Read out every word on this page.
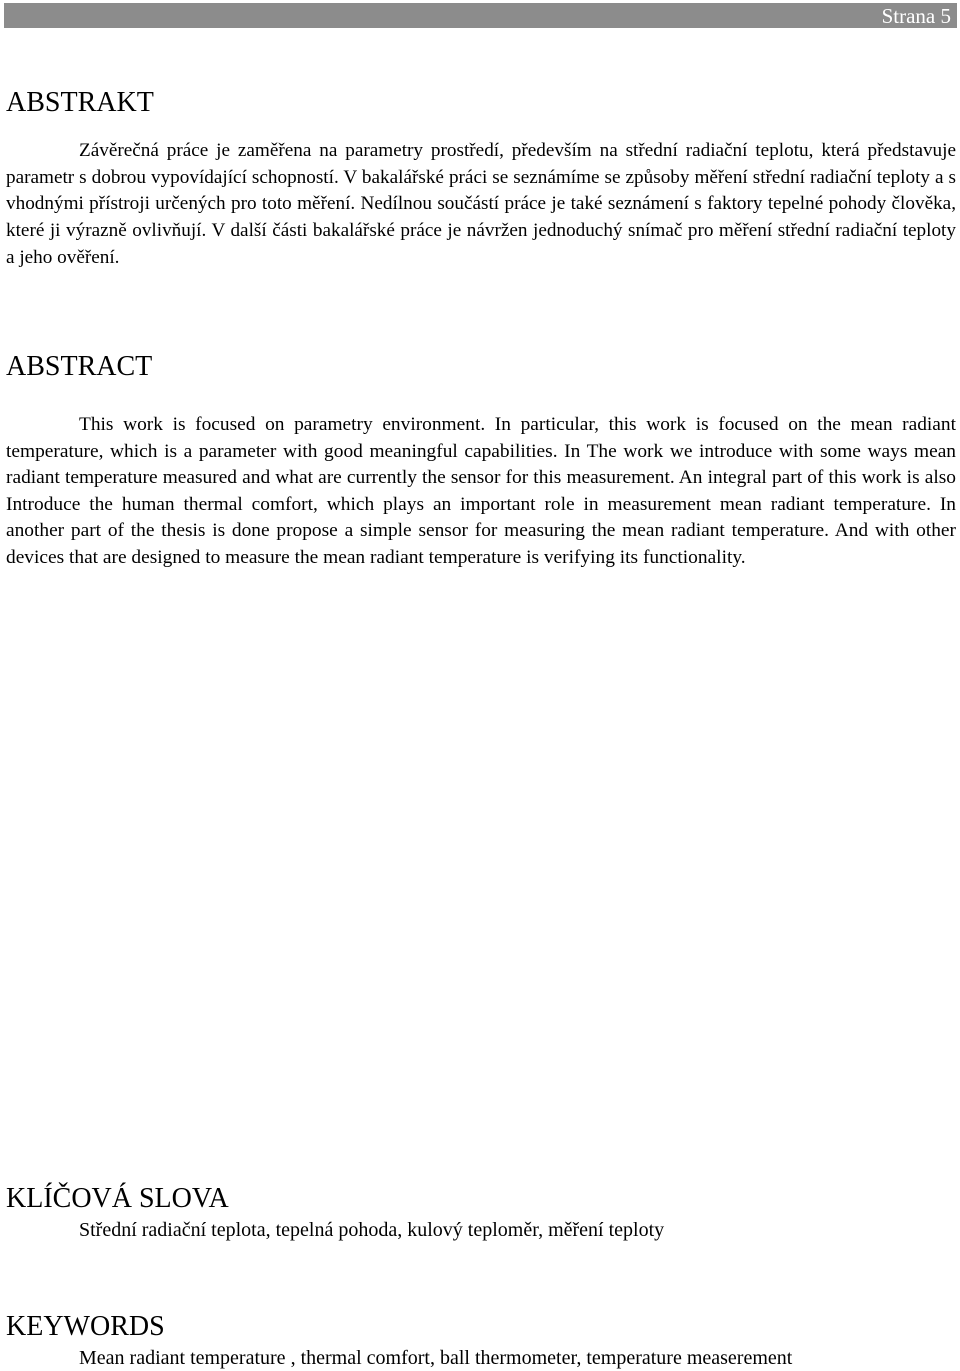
Strana 5
ABSTRAKT

Závěrečná práce je zaměřena na parametry prostředí, především na střední radiační teplotu, která představuje parametr s dobrou vypovídající schopností. V bakalářské práci se seznámíme se způsoby měření střední radiační teploty a s vhodnými přístroji určených pro toto měření. Nedílnou součástí práce je také seznámení s faktory tepelné pohody člověka, které ji výrazně ovlivňují. V další části bakalářské práce je návržen jednoduchý snímač pro měření střední radiační teploty a jeho ověření.

ABSTRACT

This work is focused on parametry environment. In particular, this work is focused on the mean radiant temperature, which is a parameter with good meaningful capabilities. In The work we introduce with some ways mean radiant temperature measured and what are currently the sensor for this measurement. An integral part of this work is also Introduce the human thermal comfort, which plays an important role in measurement mean radiant temperature. In another part of the thesis is done propose a simple sensor for measuring the mean radiant temperature. And with other devices that are designed to measure the mean radiant temperature is verifying its functionality.

KLÍČOVÁ SLOVA

Střední radiační teplota, tepelná pohoda, kulový teploměr, měření teploty

KEYWORDS

Mean radiant temperature , thermal comfort, ball thermometer, temperature measerement
